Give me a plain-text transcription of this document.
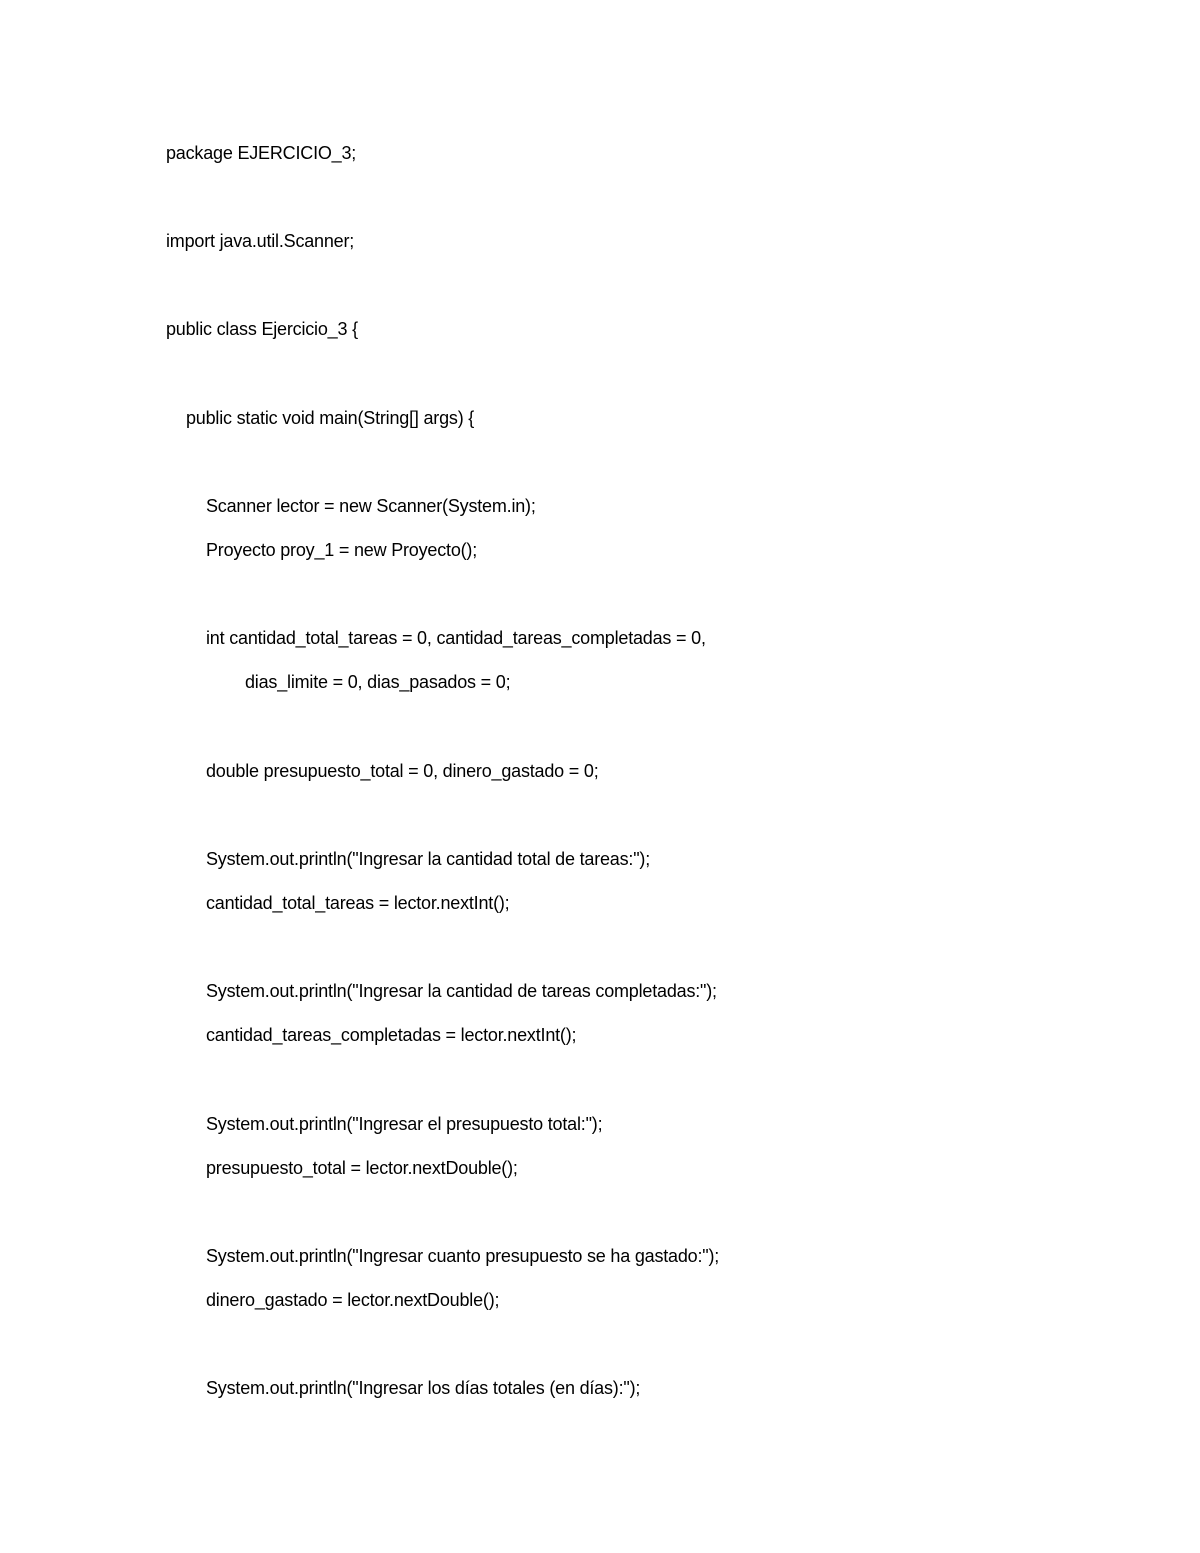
package EJERCICIO_3;
import java.util.Scanner;
public class Ejercicio_3 {
public static void main(String[] args) {
Scanner lector = new Scanner(System.in);
Proyecto proy_1 = new Proyecto();
int cantidad_total_tareas = 0, cantidad_tareas_completadas = 0,
dias_limite = 0, dias_pasados = 0;
double presupuesto_total = 0, dinero_gastado = 0;
System.out.println("Ingresar la cantidad total de tareas:");
cantidad_total_tareas = lector.nextInt();
System.out.println("Ingresar la cantidad de tareas completadas:");
cantidad_tareas_completadas = lector.nextInt();
System.out.println("Ingresar el presupuesto total:");
presupuesto_total = lector.nextDouble();
System.out.println("Ingresar cuanto presupuesto se ha gastado:");
dinero_gastado = lector.nextDouble();
System.out.println("Ingresar los días totales (en días):");
